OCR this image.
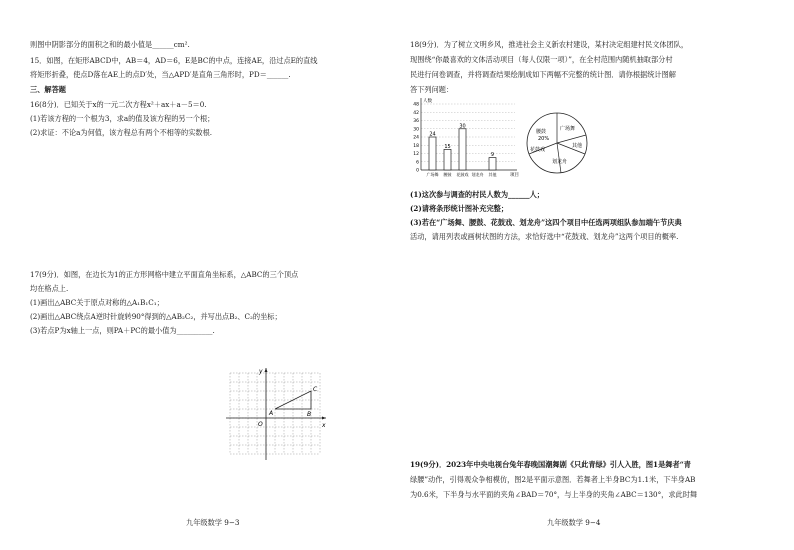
则图中阴影部分的面积之和的最小值是______cm².
15．如图，在矩形ABCD中，AB＝4，AD＝6，E是BC的中点，连接AE，沿过点E的直线
将矩形折叠，使点D落在AE上的点D′处，当△APD′是直角三角形时，PD＝______.
三、解答题
16(8分)．已知关于x的一元二次方程x²＋ax＋a－5＝0.
(1)若该方程的一个根为3，求a的值及该方程的另一个根；
(2)求证：不论a为何值，该方程总有两个不相等的实数根.
17(9分)．如图，在边长为1的正方形网格中建立平面直角坐标系，△ABC的三个顶点
均在格点上.
(1)画出△ABC关于原点对称的△A₁B₁C₁；
(2)画出△ABC绕点A逆时针旋转90°得到的△AB₂C₂，并写出点B₂、C₂的坐标；
(3)若点P为x轴上一点，则PA＋PC的最小值为__________.
y
x
O
A	B
C
九年级数学 9−3
18(9分)．为了树立文明乡风，推进社会主义新农村建设，某村决定组建村民文体团队，
现围绕“你最喜欢的文体活动项目（每人仅限一项）”，在全村范围内随机抽取部分村
民进行问卷调查，并将调查结果绘制成如下两幅不完整的统计图．请你根据统计图解
答下列问题：
0
6
12
18
24
30
36
42
48
人数
项目
24
广场舞
15
腰鼓
30
花鼓戏 划龙舟
9
其他
广场舞
腰鼓
20%
其他
花鼓戏
划龙舟
(1)这次参与调查的村民人数为______人；
(2)请将条形统计图补充完整；
(3)若在“广场舞、腰鼓、花鼓戏、划龙舟”这四个项目中任选两项组队参加端午节庆典
活动，请用列表或画树状图的方法，求恰好选中“花鼓戏、划龙舟”这两个项目的概率.
19(9分)．2023年中央电视台兔年春晚国潮舞剧《只此青绿》引人入胜，图1是舞者“青
绿腰”动作，引得观众争相模仿，图2是平面示意图．若舞者上半身BC为1.1米，下半身AB
为0.6米，下半身与水平面的夹角∠BAD＝70°，与上半身的夹角∠ABC＝130°，求此时舞
九年级数学 9−4
